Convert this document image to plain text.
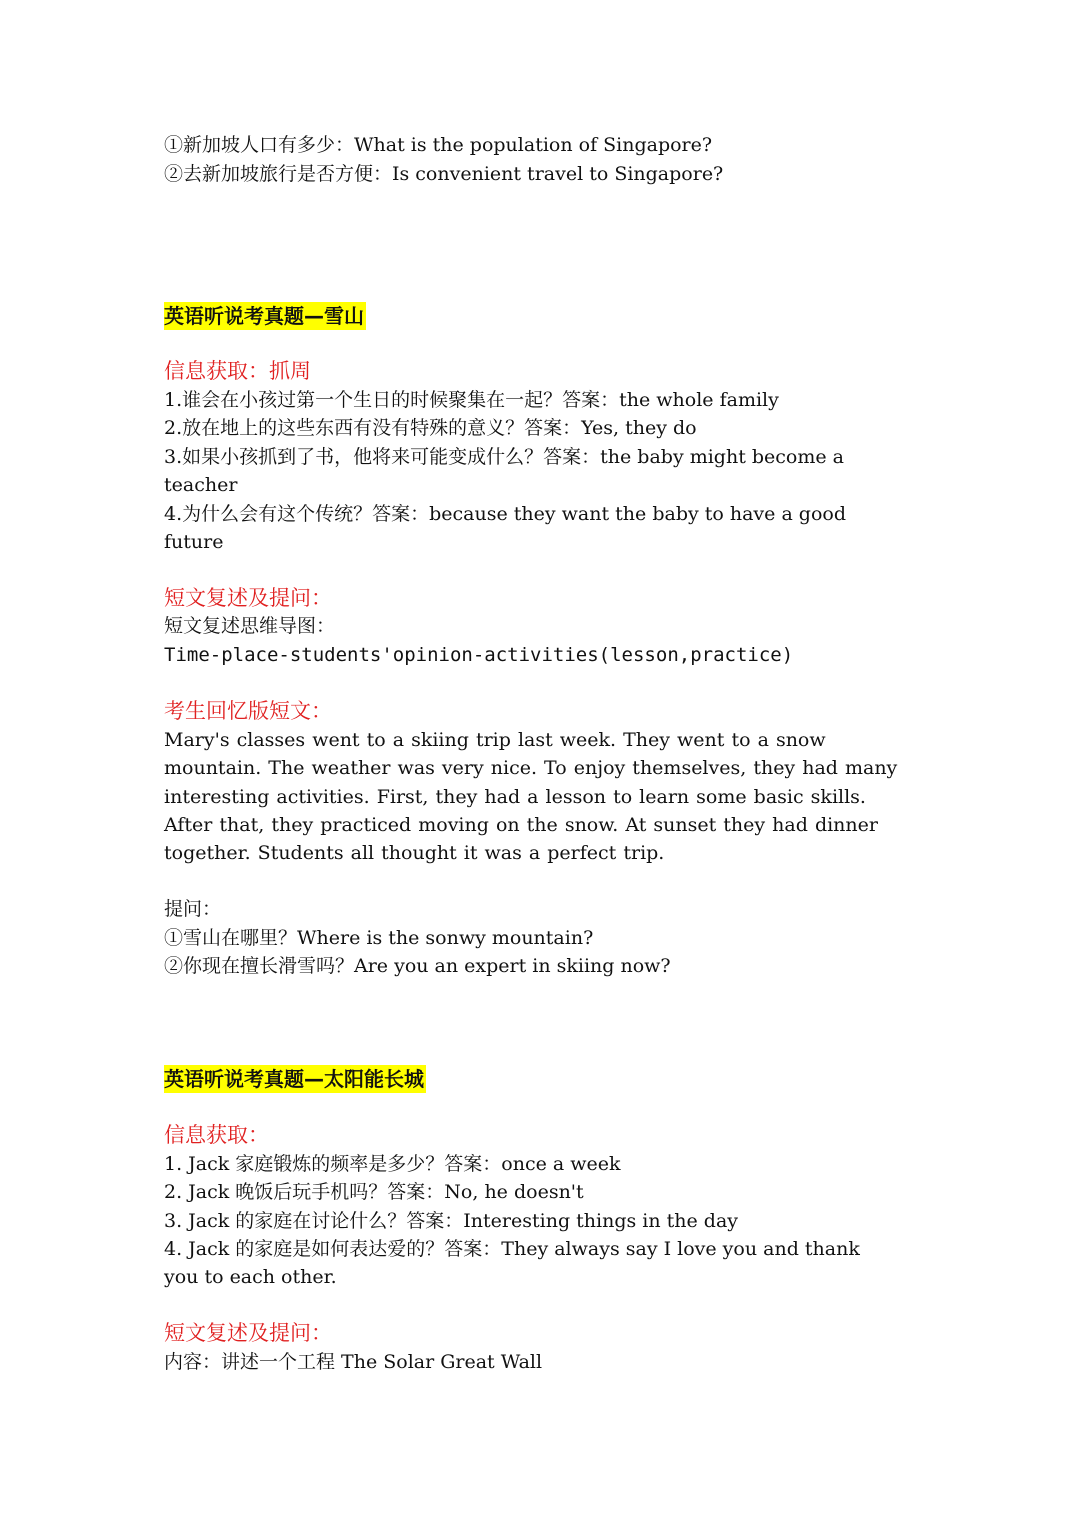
①新加坡人口有多少：What is the population of Singapore?
②去新加坡旅行是否方便：Is convenient travel to Singapore?
英语听说考真题—雪山
信息获取：抓周
1.谁会在小孩过第一个生日的时候聚集在一起？答案：the whole family
2.放在地上的这些东西有没有特殊的意义？答案：Yes, they do
3.如果小孩抓到了书，他将来可能变成什么？答案：the baby might become a
teacher
4.为什么会有这个传统？答案：because they want the baby to have a good
future
短文复述及提问：
短文复述思维导图：
Time-place-students'opinion-activities(lesson,practice)
考生回忆版短文：
Mary's classes went to a skiing trip last week. They went to a snow mountain. The weather was very nice. To enjoy themselves, they had many interesting activities. First, they had a lesson to learn some basic skills. After that, they practiced moving on the snow. At sunset they had dinner together. Students all thought it was a perfect trip.
提问：
①雪山在哪里？Where is the sonwy mountain?
②你现在擅长滑雪吗？Are you an expert in skiing now?
英语听说考真题—太阳能长城
信息获取：
1. Jack 家庭锻炼的频率是多少？答案：once a week
2. Jack 晚饭后玩手机吗？答案：No, he doesn't
3. Jack 的家庭在讨论什么？答案：Interesting things in the day
4. Jack 的家庭是如何表达爱的？答案：They always say I love you and thank
you to each other.
短文复述及提问：
内容：讲述一个工程 The Solar Great Wall
